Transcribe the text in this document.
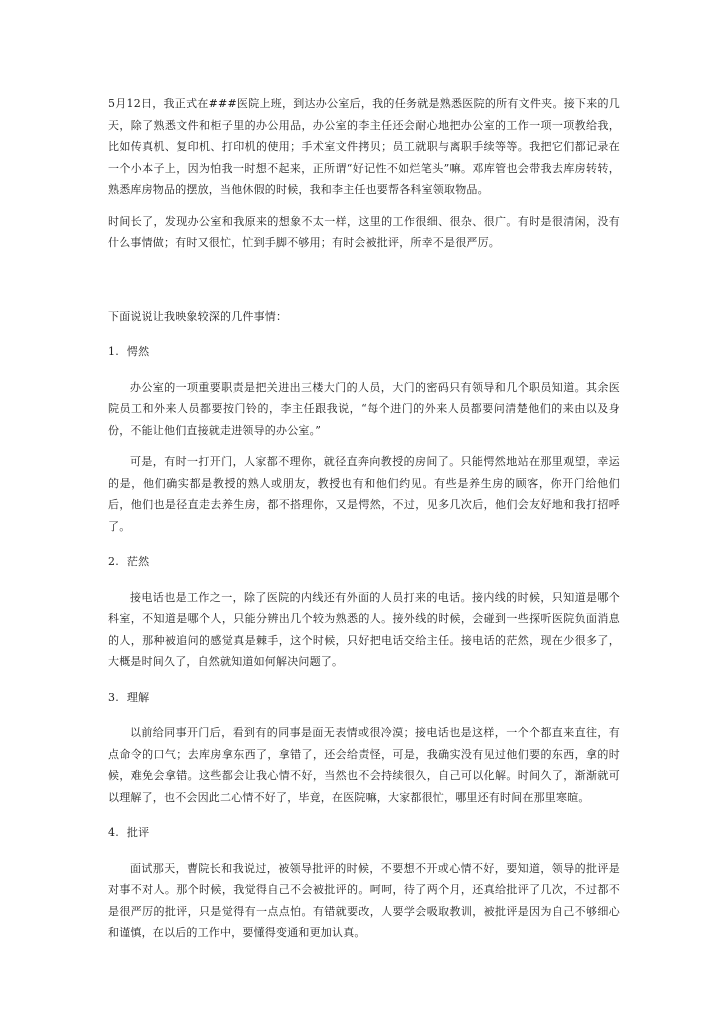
5月12日，我正式在###医院上班，到达办公室后，我的任务就是熟悉医院的所有文件夹。接下来的几天，除了熟悉文件和柜子里的办公用品，办公室的李主任还会耐心地把办公室的工作一项一项教给我，比如传真机、复印机、打印机的使用；手术室文件拷贝；员工就职与离职手续等等。我把它们都记录在一个小本子上，因为怕我一时想不起来，正所谓“好记性不如烂笔头”嘛。邓库管也会带我去库房转转，熟悉库房物品的摆放，当他休假的时候，我和李主任也要帮各科室领取物品。

时间长了，发现办公室和我原来的想象不太一样，这里的工作很细、很杂、很广。有时是很清闲，没有什么事情做；有时又很忙，忙到手脚不够用；有时会被批评，所幸不是很严厉。

下面说说让我映象较深的几件事情：

1. 愕然

办公室的一项重要职责是把关进出三楼大门的人员，大门的密码只有领导和几个职员知道。其余医院员工和外来人员都要按门铃的，李主任跟我说，“每个进门的外来人员都要问清楚他们的来由以及身份，不能让他们直接就走进领导的办公室。”

可是，有时一打开门，人家都不理你，就径直奔向教授的房间了。只能愕然地站在那里观望，幸运的是，他们确实都是教授的熟人或朋友，教授也有和他们约见。有些是养生房的顾客，你开门给他们后，他们也是径直走去养生房，都不搭理你，又是愕然，不过，见多几次后，他们会友好地和我打招呼了。

2. 茫然

接电话也是工作之一，除了医院的内线还有外面的人员打来的电话。接内线的时候，只知道是哪个科室，不知道是哪个人，只能分辨出几个较为熟悉的人。接外线的时候，会碰到一些探听医院负面消息的人，那种被追问的感觉真是棘手，这个时候，只好把电话交给主任。接电话的茫然，现在少很多了，大概是时间久了，自然就知道如何解决问题了。

3. 理解

以前给同事开门后，看到有的同事是面无表情或很冷漠；接电话也是这样，一个个都直来直往，有点命令的口气；去库房拿东西了，拿错了，还会给责怪，可是，我确实没有见过他们要的东西，拿的时候，难免会拿错。这些都会让我心情不好，当然也不会持续很久，自己可以化解。时间久了，渐渐就可以理解了，也不会因此二心情不好了，毕竟，在医院嘛，大家都很忙，哪里还有时间在那里寒暄。

4. 批评

面试那天，曹院长和我说过，被领导批评的时候，不要想不开或心情不好，要知道，领导的批评是对事不对人。那个时候，我觉得自己不会被批评的。呵呵，待了两个月，还真给批评了几次，不过都不是很严厉的批评，只是觉得有一点点怕。有错就要改，人要学会吸取教训，被批评是因为自己不够细心和谨慎，在以后的工作中，要懂得变通和更加认真。
